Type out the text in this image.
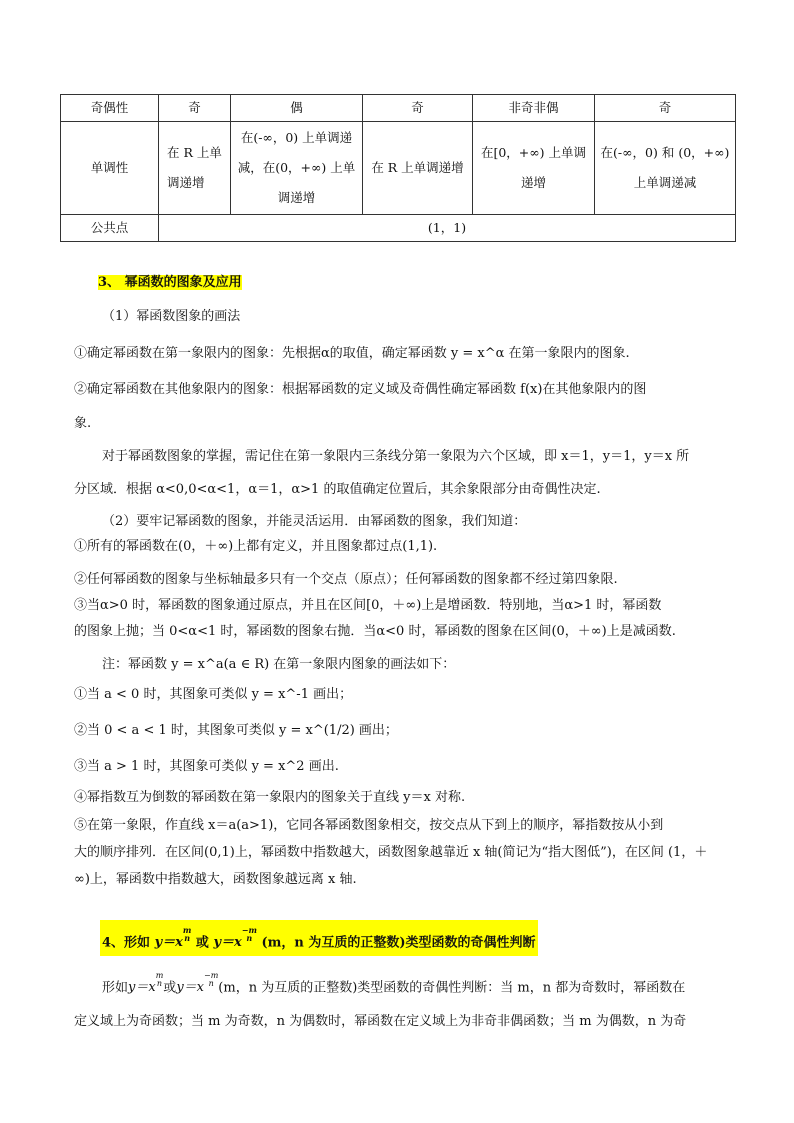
奇偶性	奇	偶	奇	非奇非偶	奇
单调性	在 R 上单调递增	在(-∞，0) 上单调递减，在(0，+∞) 上单调递增	在 R 上单调递增	在[0，+∞) 上单调递增	在(-∞，0) 和 (0，+∞) 上单调递减
公共点	(1，1)				
3、 幂函数的图象及应用
（1）幂函数图象的画法
①确定幂函数在第一象限内的图象：先根据α的取值，确定幂函数 y = x^α 在第一象限内的图象.
②确定幂函数在其他象限内的图象：根据幂函数的定义域及奇偶性确定幂函数 f(x)在其他象限内的图
象.
对于幂函数图象的掌握，需记住在第一象限内三条线分第一象限为六个区域，即 x＝1，y＝1，y＝x 所
分区域．根据 α<0,0<α<1，α＝1，α>1 的取值确定位置后，其余象限部分由奇偶性决定.
（2）要牢记幂函数的图象，并能灵活运用．由幂函数的图象，我们知道：
①所有的幂函数在(0，＋∞)上都有定义，并且图象都过点(1,1).
②任何幂函数的图象与坐标轴最多只有一个交点（原点）；任何幂函数的图象都不经过第四象限.
③当α>0 时，幂函数的图象通过原点，并且在区间[0，＋∞)上是增函数．特别地，当α>1 时，幂函数
的图象上抛；当 0<α<1 时，幂函数的图象右抛．当α<0 时，幂函数的图象在区间(0，＋∞)上是减函数.
注：幂函数 y = x^a(a ∈ R) 在第一象限内图象的画法如下：
①当 a < 0 时，其图象可类似 y = x^-1 画出；
②当 0 < a < 1 时，其图象可类似 y = x^(1/2) 画出；
③当 a > 1 时，其图象可类似 y = x^2 画出.
④幂指数互为倒数的幂函数在第一象限内的图象关于直线 y＝x 对称.
⑤在第一象限，作直线 x＝a(a>1)，它同各幂函数图象相交，按交点从下到上的顺序，幂指数按从小到
大的顺序排列．在区间(0,1)上，幂函数中指数越大，函数图象越靠近 x 轴(简记为“指大图低”)，在区间 (1，＋
∞)上，幂函数中指数越大，函数图象越远离 x 轴.
4、形如 y＝xm
n 或 y＝x−m
n (m，n 为互质的正整数)类型函数的奇偶性判断
形如y＝xm
n或y＝x−m
n (m，n 为互质的正整数)类型函数的奇偶性判断：当 m，n 都为奇数时，幂函数在
定义域上为奇函数；当 m 为奇数，n 为偶数时，幂函数在定义域上为非奇非偶函数；当 m 为偶数，n 为奇
